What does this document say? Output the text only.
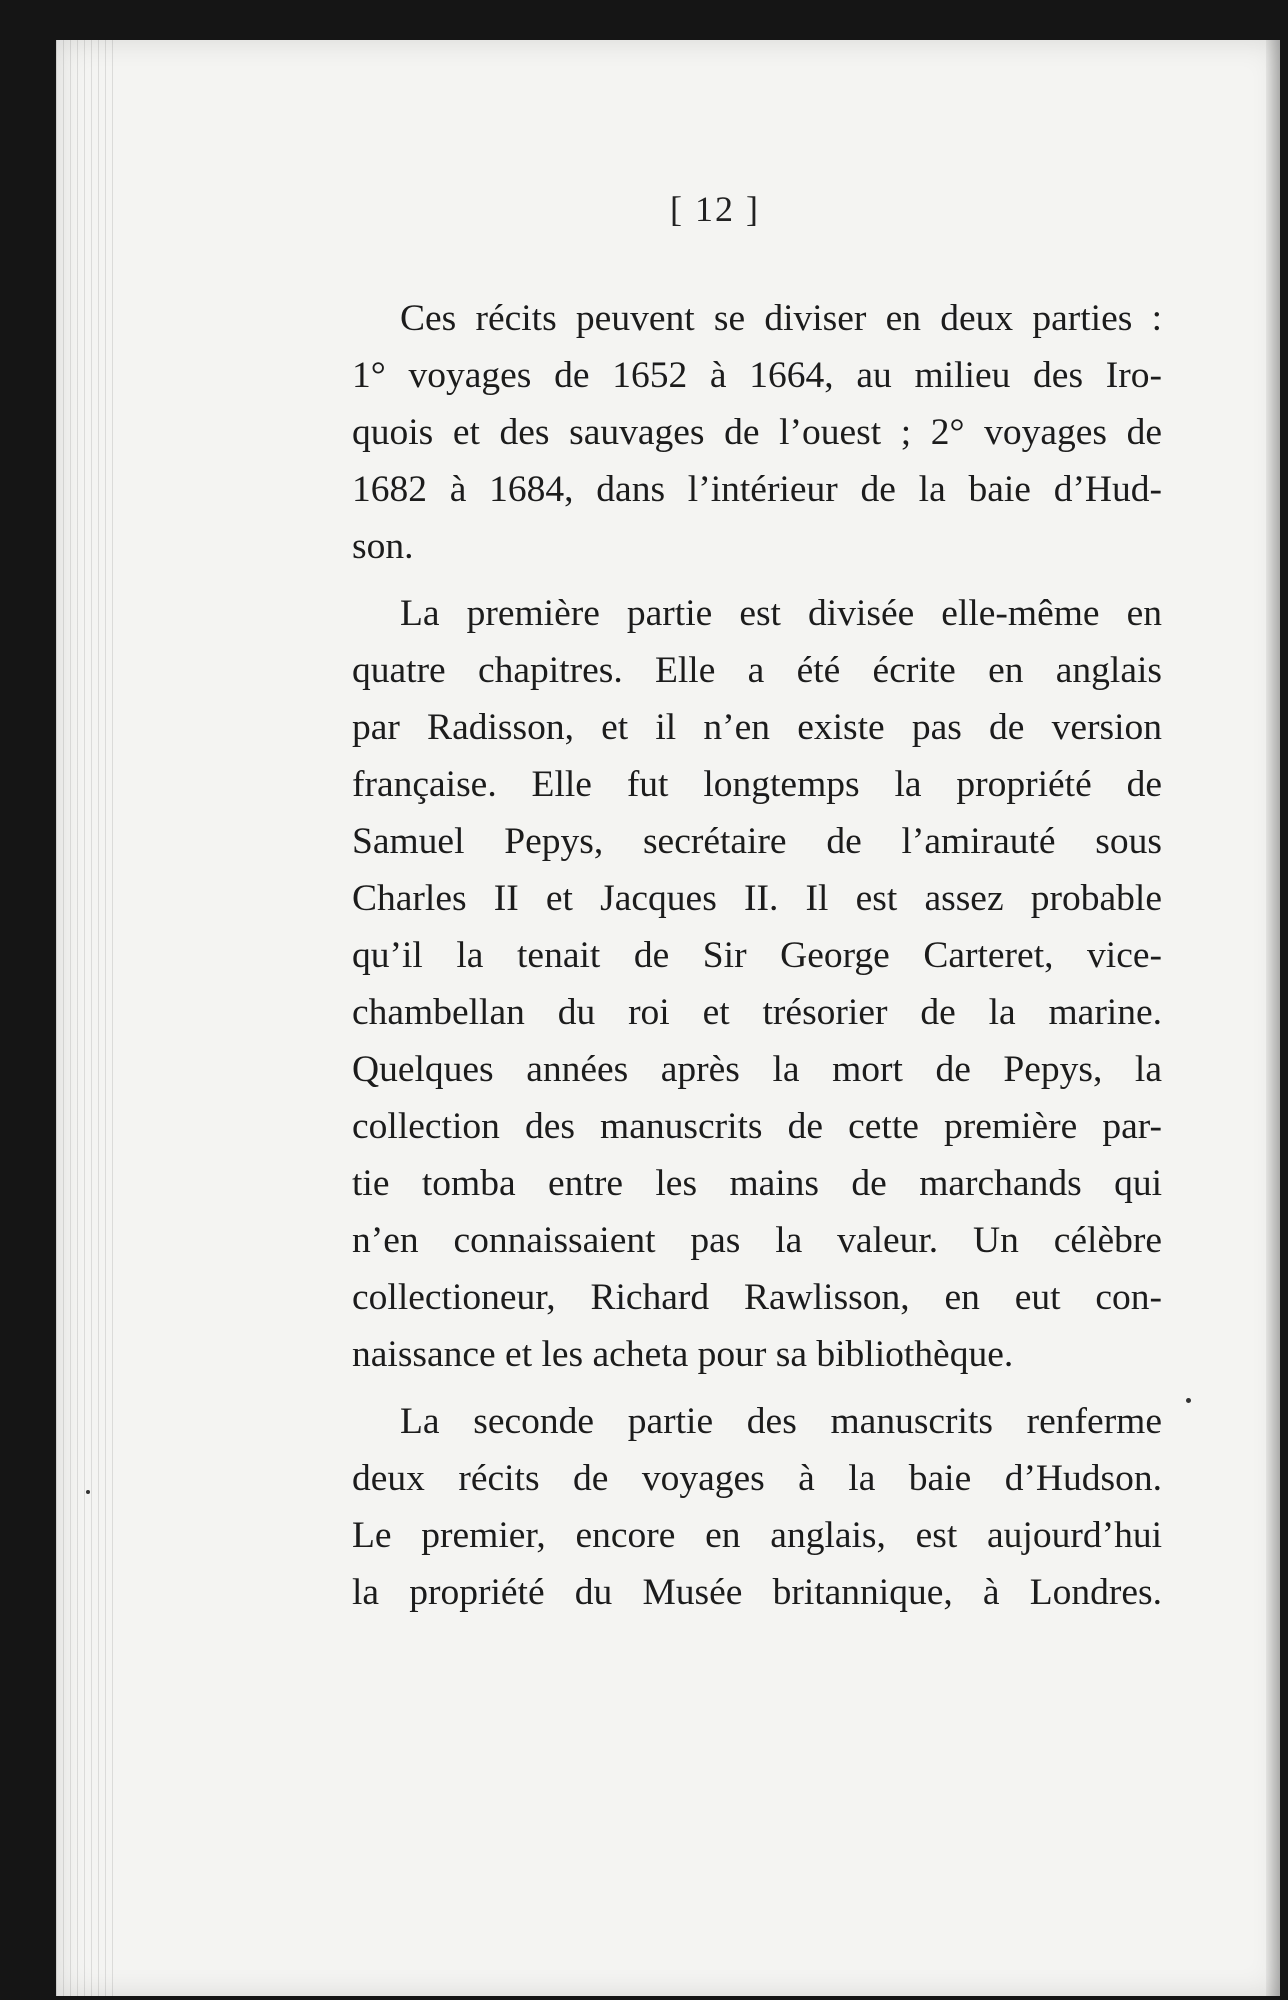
[ 12 ]
Ces récits peuvent se diviser en deux parties :
1° voyages de 1652 à 1664, au milieu des Iro-
quois et des sauvages de l’ouest ; 2° voyages de
1682 à 1684, dans l’intérieur de la baie d’Hud-
son.
La première partie est divisée elle-même en
quatre chapitres. Elle a été écrite en anglais
par Radisson, et il n’en existe pas de version
française. Elle fut longtemps la propriété de
Samuel Pepys, secrétaire de l’amirauté sous
Charles II et Jacques II. Il est assez probable
qu’il la tenait de Sir George Carteret, vice-
chambellan du roi et trésorier de la marine.
Quelques années après la mort de Pepys, la
collection des manuscrits de cette première par-
tie tomba entre les mains de marchands qui
n’en connaissaient pas la valeur. Un célèbre
collectioneur, Richard Rawlisson, en eut con-
naissance et les acheta pour sa bibliothèque.
La seconde partie des manuscrits renferme
deux récits de voyages à la baie d’Hudson.
Le premier, encore en anglais, est aujourd’hui
la propriété du Musée britannique, à Londres.
